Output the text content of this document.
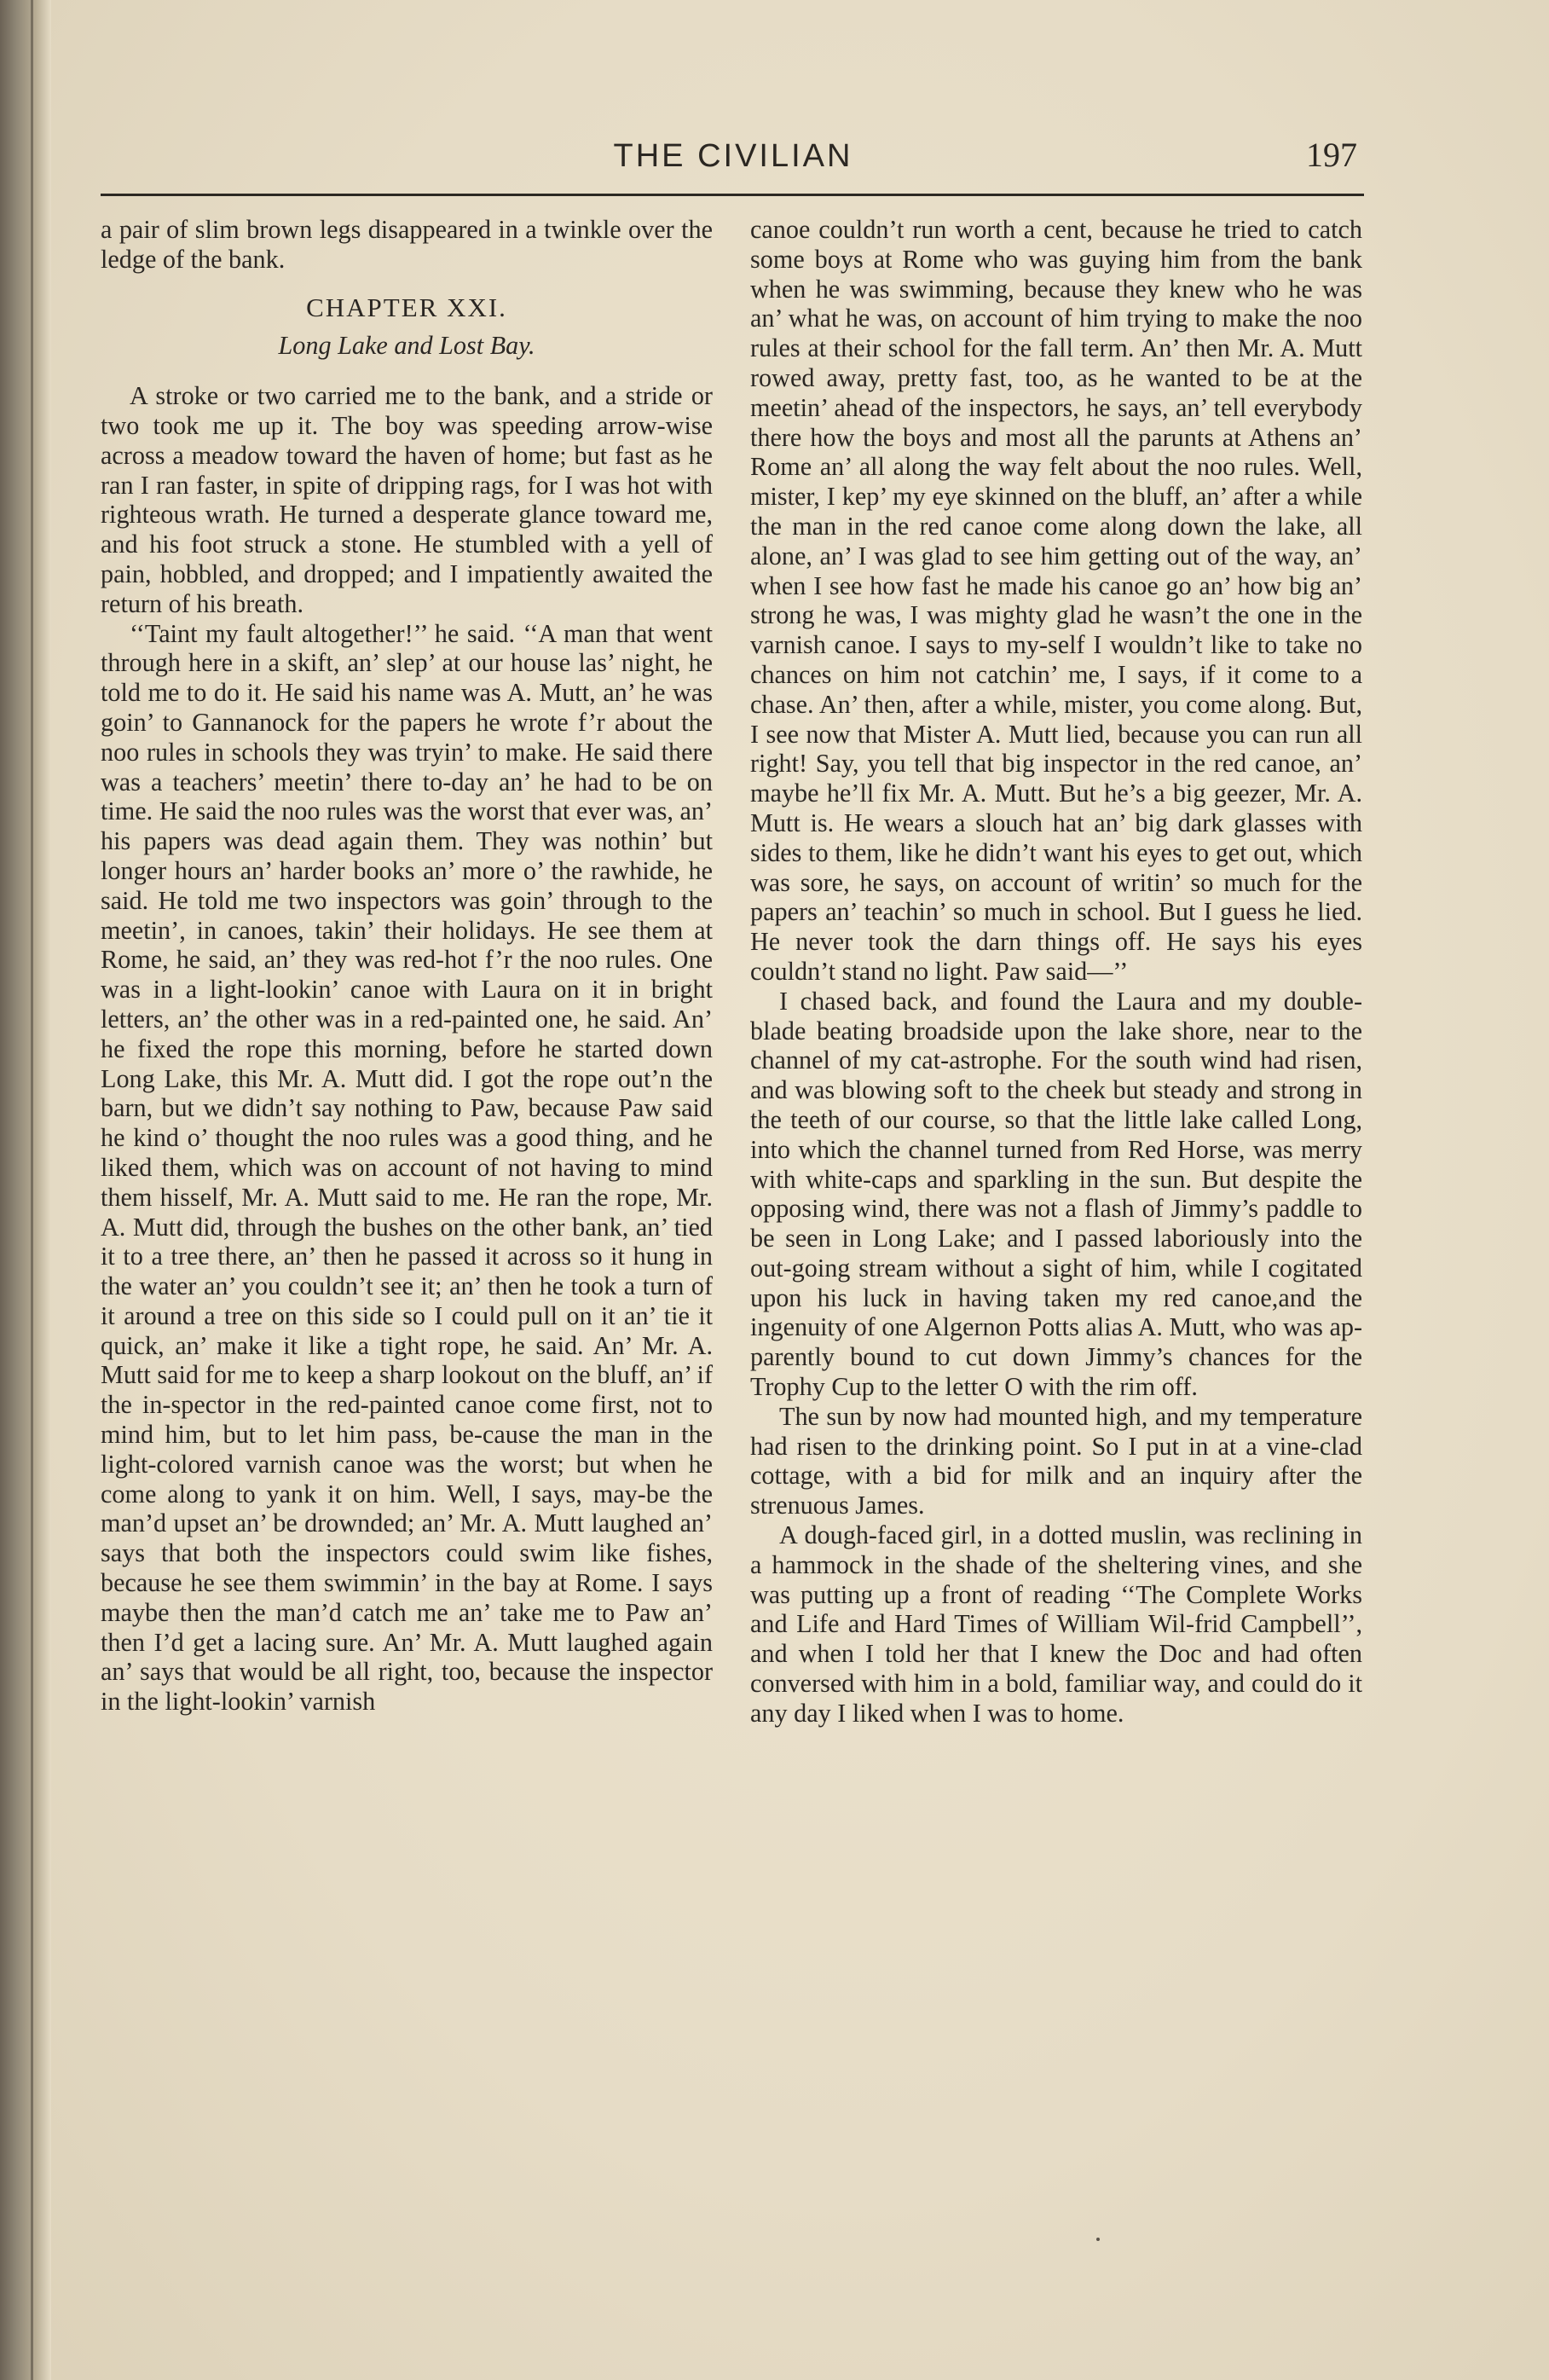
THE CIVILIAN	197

a pair of slim brown legs disappeared in a twinkle over the ledge of the bank.

CHAPTER XXI.

Long Lake and Lost Bay.

A stroke or two carried me to the bank, and a stride or two took me up it. The boy was speeding arrow-wise across a meadow toward the haven of home; but fast as he ran I ran faster, in spite of dripping rags, for I was hot with righteous wrath. He turned a desperate glance toward me, and his foot struck a stone. He stumbled with a yell of pain, hobbled, and dropped; and I impatiently awaited the return of his breath.

‘‘Taint my fault altogether!’’ he said. ‘‘A man that went through here in a skift, an’ slep’ at our house las’ night, he told me to do it. He said his name was A. Mutt, an’ he was goin’ to Gannanock for the papers he wrote f’r about the noo rules in schools they was tryin’ to make. He said there was a teachers’ meetin’ there to-day an’ he had to be on time. He said the noo rules was the worst that ever was, an’ his papers was dead again them. They was nothin’ but longer hours an’ harder books an’ more o’ the rawhide, he said. He told me two inspectors was goin’ through to the meetin’, in canoes, takin’ their holidays. He see them at Rome, he said, an’ they was red-hot f’r the noo rules. One was in a light-lookin’ canoe with Laura on it in bright letters, an’ the other was in a red-painted one, he said. An’ he fixed the rope this morning, before he started down Long Lake, this Mr. A. Mutt did. I got the rope out’n the barn, but we didn’t say nothing to Paw, because Paw said he kind o’ thought the noo rules was a good thing, and he liked them, which was on account of not having to mind them hisself, Mr. A. Mutt said to me. He ran the rope, Mr. A. Mutt did, through the bushes on the other bank, an’ tied it to a tree there, an’ then he passed it across so it hung in the water an’ you couldn’t see it; an’ then he took a turn of it around a tree on this side so I could pull on it an’ tie it quick, an’ make it like a tight rope, he said. An’ Mr. A. Mutt said for me to keep a sharp lookout on the bluff, an’ if the in-spector in the red-painted canoe come first, not to mind him, but to let him pass, be-cause the man in the light-colored varnish canoe was the worst; but when he come along to yank it on him. Well, I says, may-be the man’d upset an’ be drownded; an’ Mr. A. Mutt laughed an’ says that both the inspectors could swim like fishes, because he see them swimmin’ in the bay at Rome. I says maybe then the man’d catch me an’ take me to Paw an’ then I’d get a lacing sure. An’ Mr. A. Mutt laughed again an’ says that would be all right, too, because the inspector in the light-lookin’ varnish

canoe couldn’t run worth a cent, because he tried to catch some boys at Rome who was guying him from the bank when he was swimming, because they knew who he was an’ what he was, on account of him trying to make the noo rules at their school for the fall term. An’ then Mr. A. Mutt rowed away, pretty fast, too, as he wanted to be at the meetin’ ahead of the inspectors, he says, an’ tell everybody there how the boys and most all the parunts at Athens an’ Rome an’ all along the way felt about the noo rules. Well, mister, I kep’ my eye skinned on the bluff, an’ after a while the man in the red canoe come along down the lake, all alone, an’ I was glad to see him getting out of the way, an’ when I see how fast he made his canoe go an’ how big an’ strong he was, I was mighty glad he wasn’t the one in the varnish canoe. I says to my-self I wouldn’t like to take no chances on him not catchin’ me, I says, if it come to a chase. An’ then, after a while, mister, you come along. But, I see now that Mister A. Mutt lied, because you can run all right! Say, you tell that big inspector in the red canoe, an’ maybe he’ll fix Mr. A. Mutt. But he’s a big geezer, Mr. A. Mutt is. He wears a slouch hat an’ big dark glasses with sides to them, like he didn’t want his eyes to get out, which was sore, he says, on account of writin’ so much for the papers an’ teachin’ so much in school. But I guess he lied. He never took the darn things off. He says his eyes couldn’t stand no light. Paw said—’’

I chased back, and found the Laura and my double-blade beating broadside upon the lake shore, near to the channel of my cat-astrophe. For the south wind had risen, and was blowing soft to the cheek but steady and strong in the teeth of our course, so that the little lake called Long, into which the channel turned from Red Horse, was merry with white-caps and sparkling in the sun. But despite the opposing wind, there was not a flash of Jimmy’s paddle to be seen in Long Lake; and I passed laboriously into the out-going stream without a sight of him, while I cogitated upon his luck in having taken my red canoe,and the ingenuity of one Algernon Potts alias A. Mutt, who was ap-parently bound to cut down Jimmy’s chances for the Trophy Cup to the letter O with the rim off.

The sun by now had mounted high, and my temperature had risen to the drinking point. So I put in at a vine-clad cottage, with a bid for milk and an inquiry after the strenuous James.

A dough-faced girl, in a dotted muslin, was reclining in a hammock in the shade of the sheltering vines, and she was putting up a front of reading ‘‘The Complete Works and Life and Hard Times of William Wil-frid Campbell’’, and when I told her that I knew the Doc and had often conversed with him in a bold, familiar way, and could do it any day I liked when I was to home.
